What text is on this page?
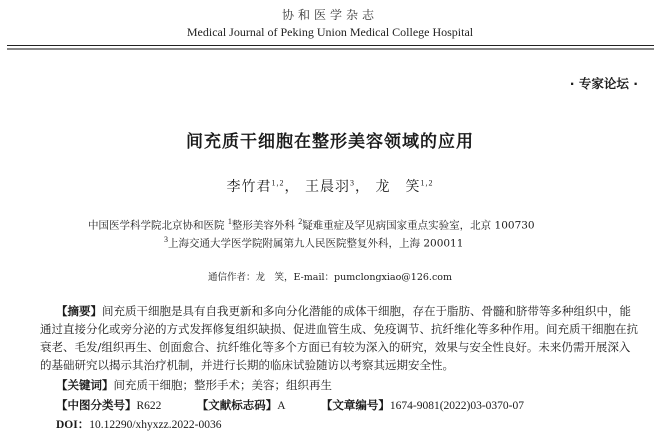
协和医学杂志
Medical Journal of Peking Union Medical College Hospital
· 专家论坛 ·
间充质干细胞在整形美容领域的应用
李竹君$^{1,2}$， 王晨羽$^3$， 龙　笑$^{1,2}$
中国医学科学院北京协和医院 $^1$整形美容外科 $^2$疑难重症及罕见病国家重点实验室，北京 100730
$^3$上海交通大学医学院附属第九人民医院整复外科，上海 200011
通信作者：龙　笑，E-mail：pumclongxiao@126.com
【摘要】间充质干细胞是具有自我更新和多向分化潜能的成体干细胞，存在于脂肪、骨髓和脐带等多种组织中，能
通过直接分化或旁分泌的方式发挥修复组织缺损、促进血管生成、免疫调节、抗纤维化等多种作用。间充质干细胞在抗
衰老、毛发/组织再生、创面愈合、抗纤维化等多个方面已有较为深入的研究，效果与安全性良好。未来仍需开展深入
的基础研究以揭示其治疗机制，并进行长期的临床试验随访以考察其远期安全性。
【关键词】间充质干细胞；整形手术；美容；组织再生
【中图分类号】R622	【文献标志码】A	【文章编号】1674-9081(2022)03-0370-07
DOI：10.12290/xhyxzz.2022-0036
